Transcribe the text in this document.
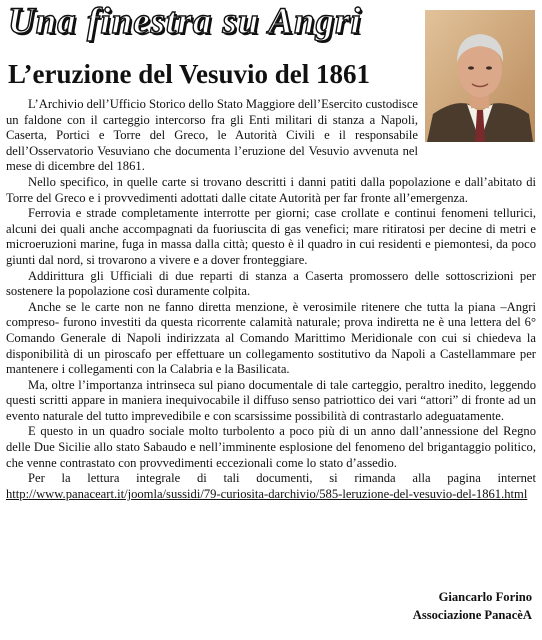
Una finestra su Angri
L’eruzione del Vesuvio del 1861

L’Archivio dell’Ufficio Storico dello Stato Maggiore dell’Esercito custodisce un faldone con il carteggio intercorso fra gli Enti militari di stanza a Napoli, Caserta, Portici e Torre del Greco, le Autorità Civili e il responsabile dell’Osservatorio Vesuviano che documenta l’eruzione del Vesuvio avvenuta nel mese di dicembre del 1861.

Nello specifico, in quelle carte si trovano descritti i danni patiti dalla popolazione e dall’abitato di Torre del Greco e i provvedimenti adottati dalle citate Autorità per far fronte all’emergenza.

Ferrovia e strade completamente interrotte per giorni; case crollate e continui fenomeni tellurici, alcuni dei quali anche accompagnati da fuoriuscita di gas venefici; mare ritiratosi per decine di metri e microeruzioni marine, fuga in massa dalla città; questo è il quadro in cui residenti e piemontesi, da poco giunti dal nord, si trovarono a vivere e a dover fronteggiare.

Addirittura gli Ufficiali di due reparti di stanza a Caserta promossero delle sottoscrizioni per sostenere la popolazione così duramente colpita.

Anche se le carte non ne fanno diretta menzione, è verosimile ritenere che tutta la piana –Angri compreso- furono investiti da questa ricorrente calamità naturale; prova indiretta ne è una lettera del 6° Comando Generale di Napoli indirizzata al Comando Marittimo Meridionale con cui si chiedeva la disponibilità di un piroscafo per effettuare un collegamento sostitutivo da Napoli a Castellammare per mantenere i collegamenti con la Calabria e la Basilicata.

Ma, oltre l’importanza intrinseca sul piano documentale di tale carteggio, peraltro inedito, leggendo questi scritti appare in maniera inequivocabile il diffuso senso patriottico dei vari “attori” di fronte ad un evento naturale del tutto imprevedibile e con scarsissime possibilità di contrastarlo adeguatamente.

E questo in un quadro sociale molto turbolento a poco più di un anno dall’annessione del Regno delle Due Sicilie allo stato Sabaudo e nell’imminente esplosione del fenomeno del brigantaggio politico, che venne contrastato con provvedimenti eccezionali come lo stato d’assedio.

Per la lettura integrale di tali documenti, si rimanda alla pagina internet http://www.panaceart.it/joomla/sussidi/79-curiosita-darchivio/585-leruzione-del-vesuvio-del-1861.html

Giancarlo Forino
Associazione PanacèA
